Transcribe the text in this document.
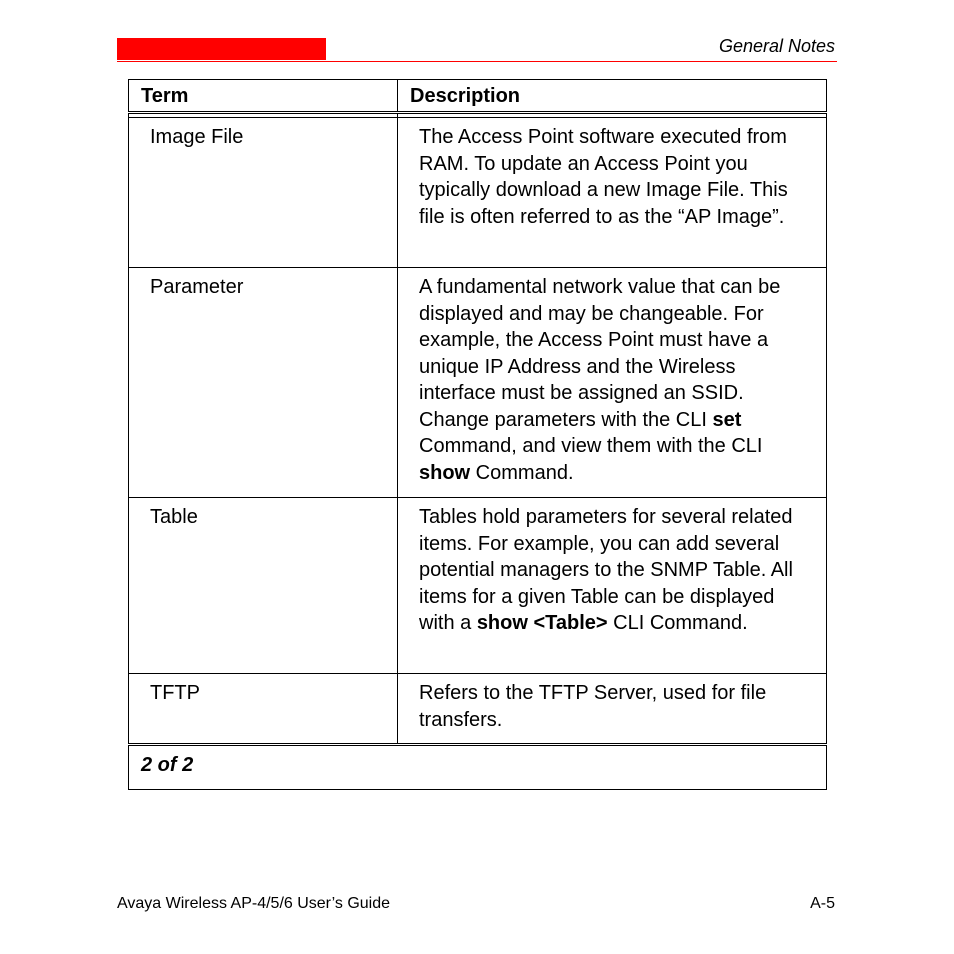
General Notes
Term	Description

Image File	The Access Point software executed from RAM. To update an Access Point you typically download a new Image File. This file is often referred to as the “AP Image”.
Parameter	A fundamental network value that can be displayed and may be changeable. For example, the Access Point must have a unique IP Address and the Wireless interface must be assigned an SSID. Change parameters with the CLI set Command, and view them with the CLI show Command.
Table	Tables hold parameters for several related items. For example, you can add several potential managers to the SNMP Table. All items for a given Table can be displayed with a show <Table> CLI Command.
TFTP	Refers to the TFTP Server, used for file transfers.
2 of 2	
Avaya Wireless AP-4/5/6 User’s Guide	A-5
